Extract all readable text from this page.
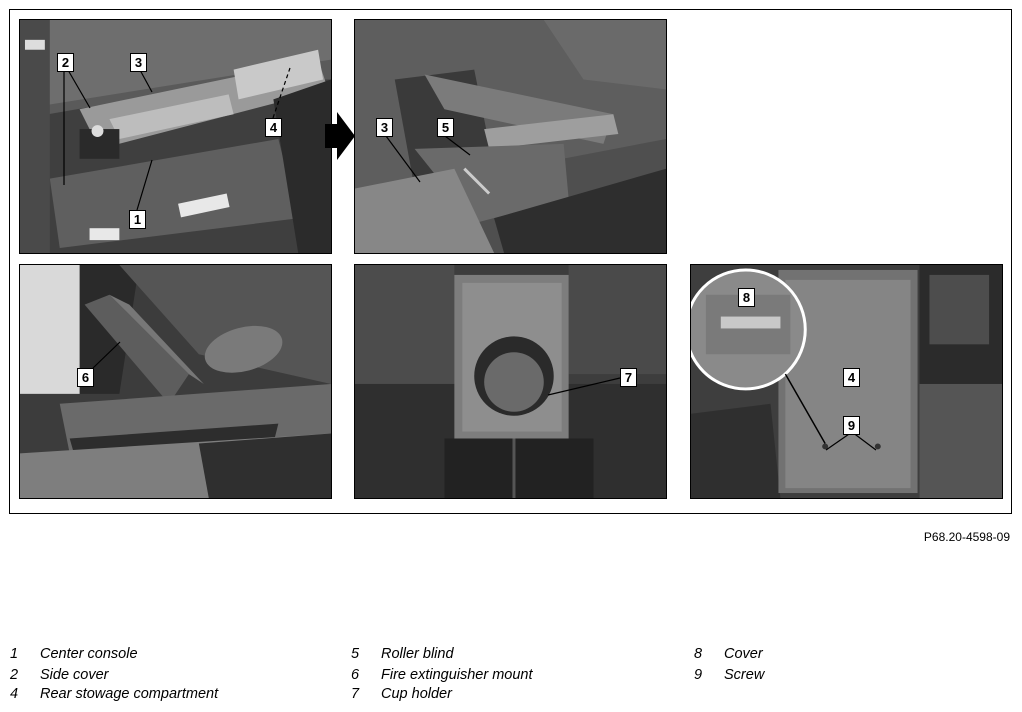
2	3
4
1
3	5
6	7
8
4
9
P68.20-4598-09
1 Center console
2 Side cover
4 Rear stowage compartment
5 Roller blind
6 Fire extinguisher mount
7 Cup holder
8 Cover
9 Screw
